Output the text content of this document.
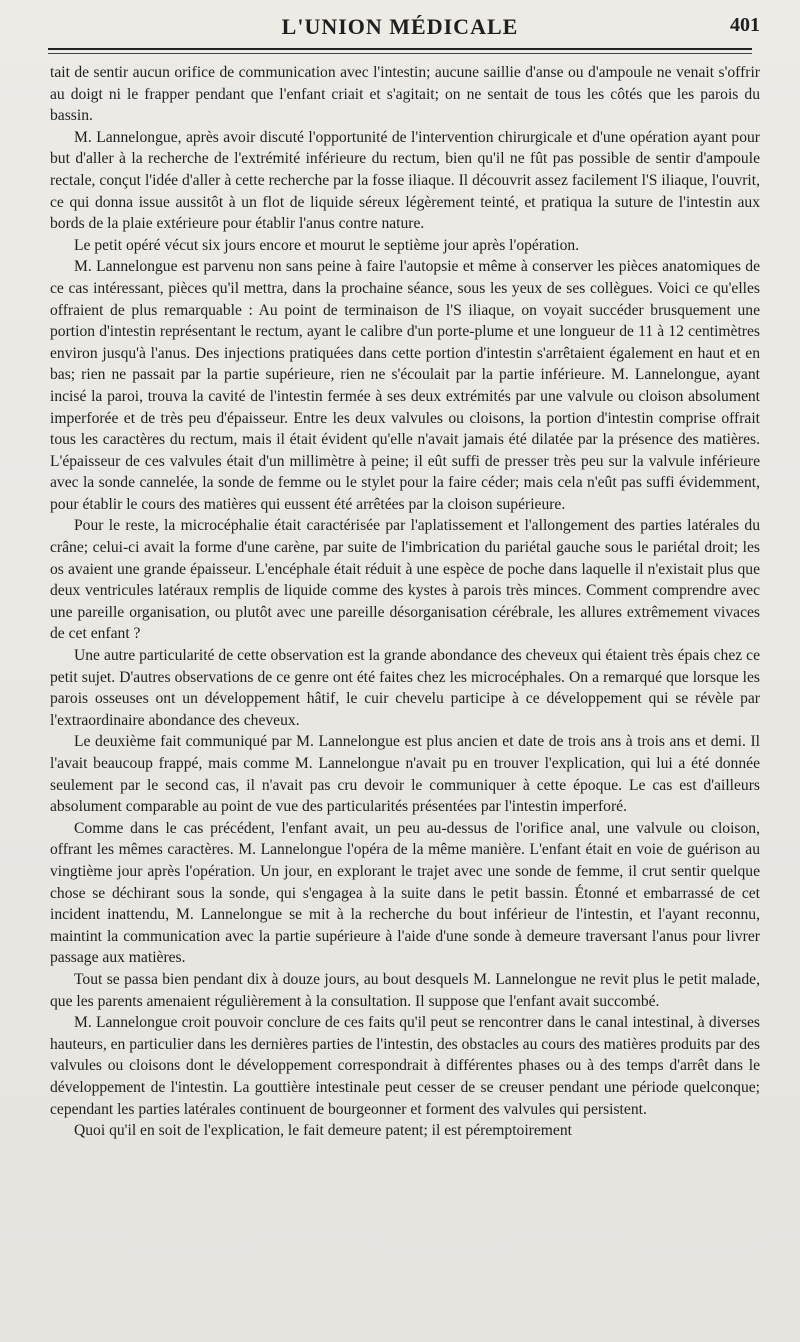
L'UNION MÉDICALE	401

tait de sentir aucun orifice de communication avec l'intestin; aucune saillie d'anse ou d'ampoule ne venait s'offrir au doigt ni le frapper pendant que l'enfant criait et s'agitait; on ne sentait de tous les côtés que les parois du bassin.

M. Lannelongue, après avoir discuté l'opportunité de l'intervention chirurgicale et d'une opération ayant pour but d'aller à la recherche de l'extrémité inférieure du rectum, bien qu'il ne fût pas possible de sentir d'ampoule rectale, conçut l'idée d'aller à cette recherche par la fosse iliaque. Il découvrit assez facilement l'S iliaque, l'ouvrit, ce qui donna issue aussitôt à un flot de liquide séreux légèrement teinté, et pratiqua la suture de l'intestin aux bords de la plaie extérieure pour établir l'anus contre nature.

Le petit opéré vécut six jours encore et mourut le septième jour après l'opération.

M. Lannelongue est parvenu non sans peine à faire l'autopsie et même à conserver les pièces anatomiques de ce cas intéressant, pièces qu'il mettra, dans la prochaine séance, sous les yeux de ses collègues. Voici ce qu'elles offraient de plus remarquable : Au point de terminaison de l'S iliaque, on voyait succéder brusquement une portion d'intestin représentant le rectum, ayant le calibre d'un porte-plume et une longueur de 11 à 12 centimètres environ jusqu'à l'anus. Des injections pratiquées dans cette portion d'intestin s'arrêtaient également en haut et en bas; rien ne passait par la partie supérieure, rien ne s'écoulait par la partie inférieure. M. Lannelongue, ayant incisé la paroi, trouva la cavité de l'intestin fermée à ses deux extrémités par une valvule ou cloison absolument imperforée et de très peu d'épaisseur. Entre les deux valvules ou cloisons, la portion d'intestin comprise offrait tous les caractères du rectum, mais il était évident qu'elle n'avait jamais été dilatée par la présence des matières. L'épaisseur de ces valvules était d'un millimètre à peine; il eût suffi de presser très peu sur la valvule inférieure avec la sonde cannelée, la sonde de femme ou le stylet pour la faire céder; mais cela n'eût pas suffi évidemment, pour établir le cours des matières qui eussent été arrêtées par la cloison supérieure.

Pour le reste, la microcéphalie était caractérisée par l'aplatissement et l'allongement des parties latérales du crâne; celui-ci avait la forme d'une carène, par suite de l'imbrication du pariétal gauche sous le pariétal droit; les os avaient une grande épaisseur. L'encéphale était réduit à une espèce de poche dans laquelle il n'existait plus que deux ventricules latéraux remplis de liquide comme des kystes à parois très minces. Comment comprendre avec une pareille organisation, ou plutôt avec une pareille désorganisation cérébrale, les allures extrêmement vivaces de cet enfant ?

Une autre particularité de cette observation est la grande abondance des cheveux qui étaient très épais chez ce petit sujet. D'autres observations de ce genre ont été faites chez les microcéphales. On a remarqué que lorsque les parois osseuses ont un développement hâtif, le cuir chevelu participe à ce développement qui se révèle par l'extraordinaire abondance des cheveux.

Le deuxième fait communiqué par M. Lannelongue est plus ancien et date de trois ans à trois ans et demi. Il l'avait beaucoup frappé, mais comme M. Lannelongue n'avait pu en trouver l'explication, qui lui a été donnée seulement par le second cas, il n'avait pas cru devoir le communiquer à cette époque. Le cas est d'ailleurs absolument comparable au point de vue des particularités présentées par l'intestin imperforé.

Comme dans le cas précédent, l'enfant avait, un peu au-dessus de l'orifice anal, une valvule ou cloison, offrant les mêmes caractères. M. Lannelongue l'opéra de la même manière. L'enfant était en voie de guérison au vingtième jour après l'opération. Un jour, en explorant le trajet avec une sonde de femme, il crut sentir quelque chose se déchirant sous la sonde, qui s'engagea à la suite dans le petit bassin. Étonné et embarrassé de cet incident inattendu, M. Lannelongue se mit à la recherche du bout inférieur de l'intestin, et l'ayant reconnu, maintint la communication avec la partie supérieure à l'aide d'une sonde à demeure traversant l'anus pour livrer passage aux matières.

Tout se passa bien pendant dix à douze jours, au bout desquels M. Lannelongue ne revit plus le petit malade, que les parents amenaient régulièrement à la consultation. Il suppose que l'enfant avait succombé.

M. Lannelongue croit pouvoir conclure de ces faits qu'il peut se rencontrer dans le canal intestinal, à diverses hauteurs, en particulier dans les dernières parties de l'intestin, des obstacles au cours des matières produits par des valvules ou cloisons dont le développement correspondrait à différentes phases ou à des temps d'arrêt dans le développement de l'intestin. La gouttière intestinale peut cesser de se creuser pendant une période quelconque; cependant les parties latérales continuent de bourgeonner et forment des valvules qui persistent.

Quoi qu'il en soit de l'explication, le fait demeure patent; il est péremptoirement
